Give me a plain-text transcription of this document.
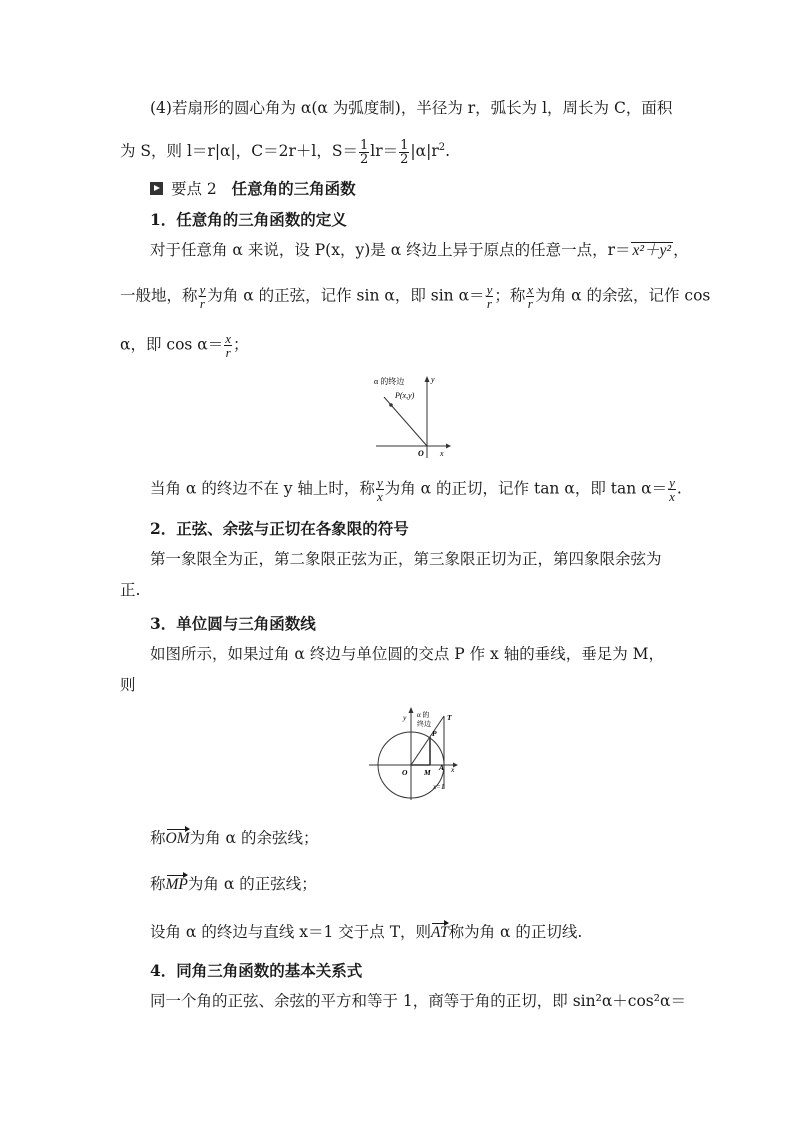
(4)若扇形的圆心角为 α(α 为弧度制)，半径为 r，弧长为 l，周长为 C，面积
为 S，则 l＝r|α|，C＝2r＋l，$S= \frac{1}{2} lr= \frac{1}{2} |\alpha|r^2$.
要点 2 任意角的三角函数
1．任意角的三角函数的定义
对于任意角 α 来说，设 P(x，y)是 α 终边上异于原点的任意一点，r＝ x²＋y² ，
一般地，称 $\frac{y}{r}$ 为角 α 的正弦，记作 sin α，即 $\sin \alpha= \frac{y}{r}$ ；称 $\frac{x}{r}$ 为角 α 的余弦，记作 cos
α，即 $\cos \alpha= \frac{x}{r}$ ；
α 的终边
P(x,y)
O x
y
当角 α 的终边不在 y 轴上时，称 $\frac{y}{x}$ 为角 α 的正切，记作 tan α，即 $\tan \alpha= \frac{y}{x}$ .
2．正弦、余弦与正切在各象限的符号
第一象限全为正，第二象限正弦为正，第三象限正切为正，第四象限余弦为
正.
3．单位圆与三角函数线
如图所示，如果过角 α 终边与单位圆的交点 P 作 x 轴的垂线，垂足为 M，
则
y α 的
终边
T
P
O M
A x
x=1
称OM为角 α 的余弦线；
称MP为角 α 的正弦线；
设角 α 的终边与直线 x＝1 交于点 T，则AT称为角 α 的正切线.
4．同角三角函数的基本关系式
同一个角的正弦、余弦的平方和等于 1，商等于角的正切，即 sin²α＋cos²α＝
